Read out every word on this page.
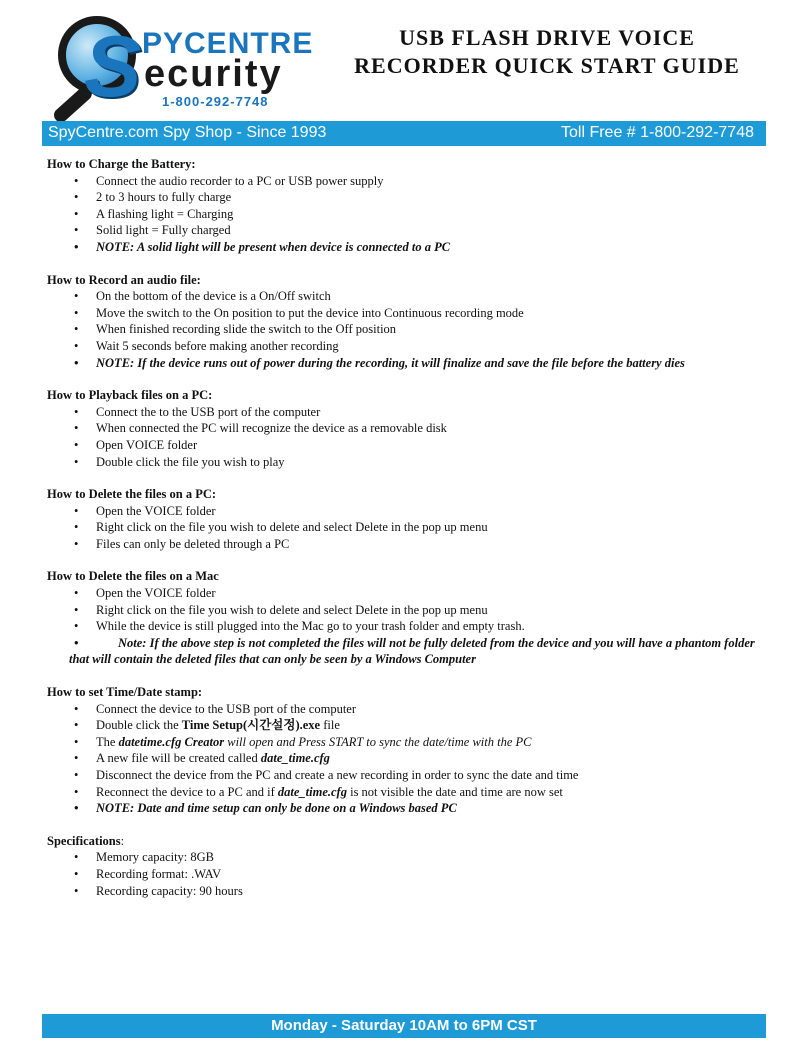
S PYCENTRE
ecurity
1-800-292-7748
USB FLASH DRIVE VOICE
RECORDER QUICK START GUIDE
SpyCentre.com Spy Shop - Since 1993	Toll Free # 1-800-292-7748
How to Charge the Battery:
• Connect the audio recorder to a PC or USB power supply
• 2 to 3 hours to fully charge
• A flashing light = Charging
• Solid light = Fully charged
• NOTE: A solid light will be present when device is connected to a PC
How to Record an audio file:
• On the bottom of the device is a On/Off switch
• Move the switch to the On position to put the device into Continuous recording mode
• When finished recording slide the switch to the Off position
• Wait 5 seconds before making another recording
• NOTE: If the device runs out of power during the recording, it will finalize and save the file before the battery dies
How to Playback files on a PC:
• Connect the to the USB port of the computer
• When connected the PC will recognize the device as a removable disk
• Open VOICE folder
• Double click the file you wish to play
How to Delete the files on a PC:
• Open the VOICE folder
• Right click on the file you wish to delete and select Delete in the pop up menu
• Files can only be deleted through a PC
How to Delete the files on a Mac
• Open the VOICE folder
• Right click on the file you wish to delete and select Delete in the pop up menu
• While the device is still plugged into the Mac go to your trash folder and empty trash.
• Note: If the above step is not completed the files will not be fully deleted from the device and you will have a phantom folder that will contain the deleted files that can only be seen by a Windows Computer
How to set Time/Date stamp:
• Connect the device to the USB port of the computer
• Double click the Time Setup(시간설정).exe file
• The datetime.cfg Creator will open and Press START to sync the date/time with the PC
• A new file will be created called date_time.cfg
• Disconnect the device from the PC and create a new recording in order to sync the date and time
• Reconnect the device to a PC and if date_time.cfg is not visible the date and time are now set
• NOTE: Date and time setup can only be done on a Windows based PC
Specifications:
• Memory capacity: 8GB
• Recording format: .WAV
• Recording capacity: 90 hours
Monday - Saturday 10AM to 6PM CST
